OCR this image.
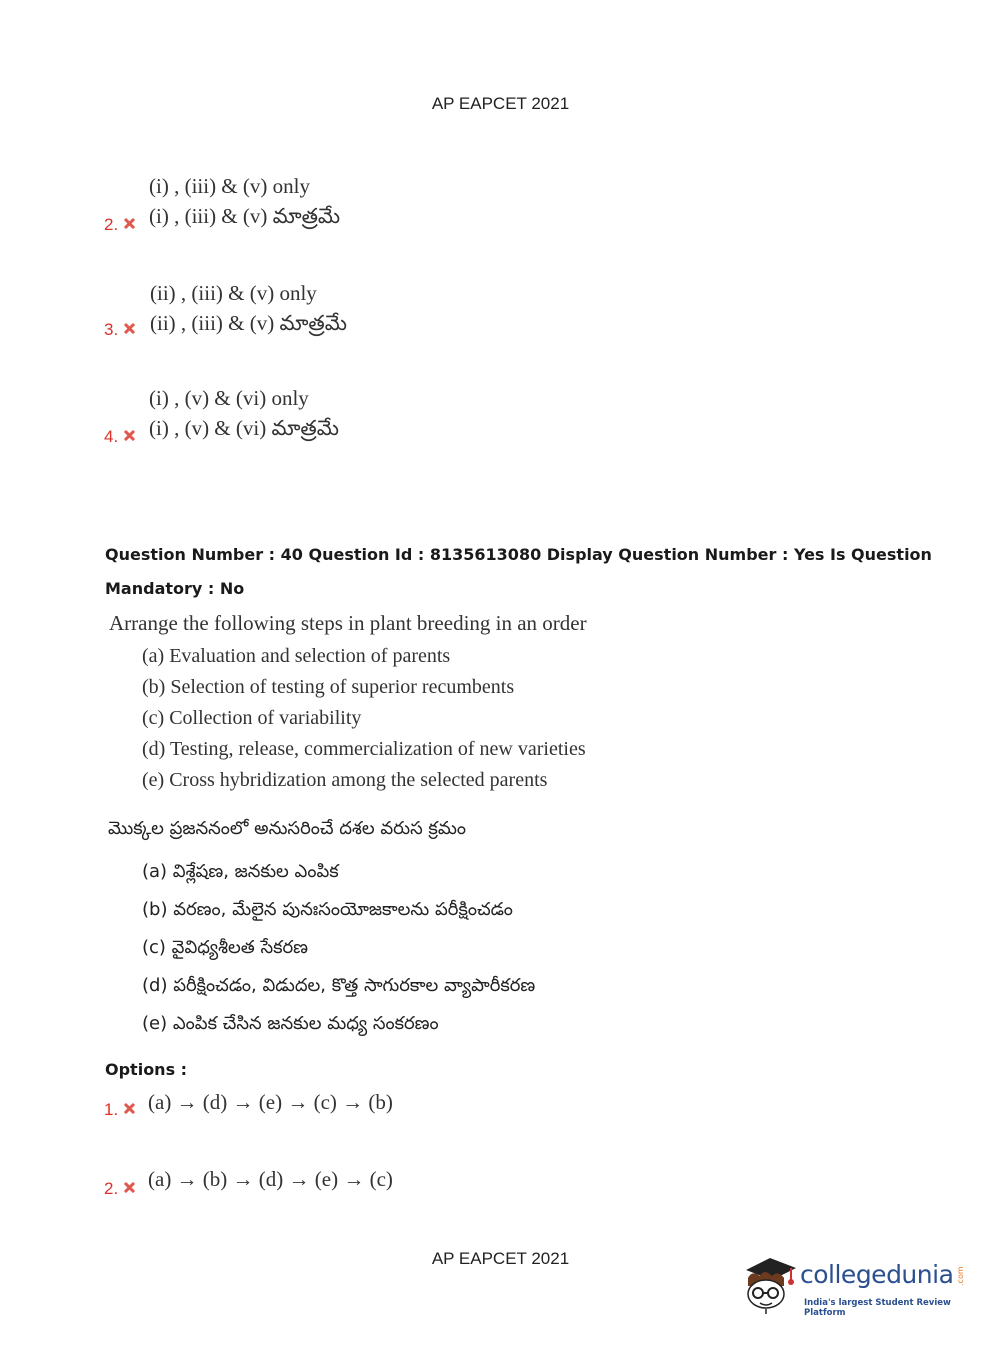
AP EAPCET 2021
(i) , (iii) & (v) only
(i) , (iii) & (v) మాత్రమే
2.
(ii) , (iii) & (v) only
(ii) , (iii) & (v) మాత్రమే
3.
(i) , (v) & (vi) only
(i) , (v) & (vi) మాత్రమే
4.
Question Number : 40 Question Id : 8135613080 Display Question Number : Yes Is Question
Mandatory : No
Arrange the following steps in plant breeding in an order
(a) Evaluation and selection of parents
(b) Selection of testing of superior recumbents
(c) Collection of variability
(d) Testing, release, commercialization of new varieties
(e) Cross hybridization among the selected parents
మొక్కల ప్రజననంలో అనుసరించే దశల వరుస క్రమం
(a) విశ్లేషణ, జనకుల ఎంపిక
(b) వరణం, మేలైన పునఃసంయోజకాలను పరీక్షించడం
(c) వైవిధ్యశీలత సేకరణ
(d) పరీక్షించడం, విడుదల, కొత్త సాగురకాల వ్యాపారీకరణ
(e) ఎంపిక చేసిన జనకుల మధ్య సంకరణం
Options :
1.	(a) → (d) → (e) → (c) → (b)
2.	(a) → (b) → (d) → (e) → (c)
AP EAPCET 2021
collegedunia .com
India's largest Student Review Platform
